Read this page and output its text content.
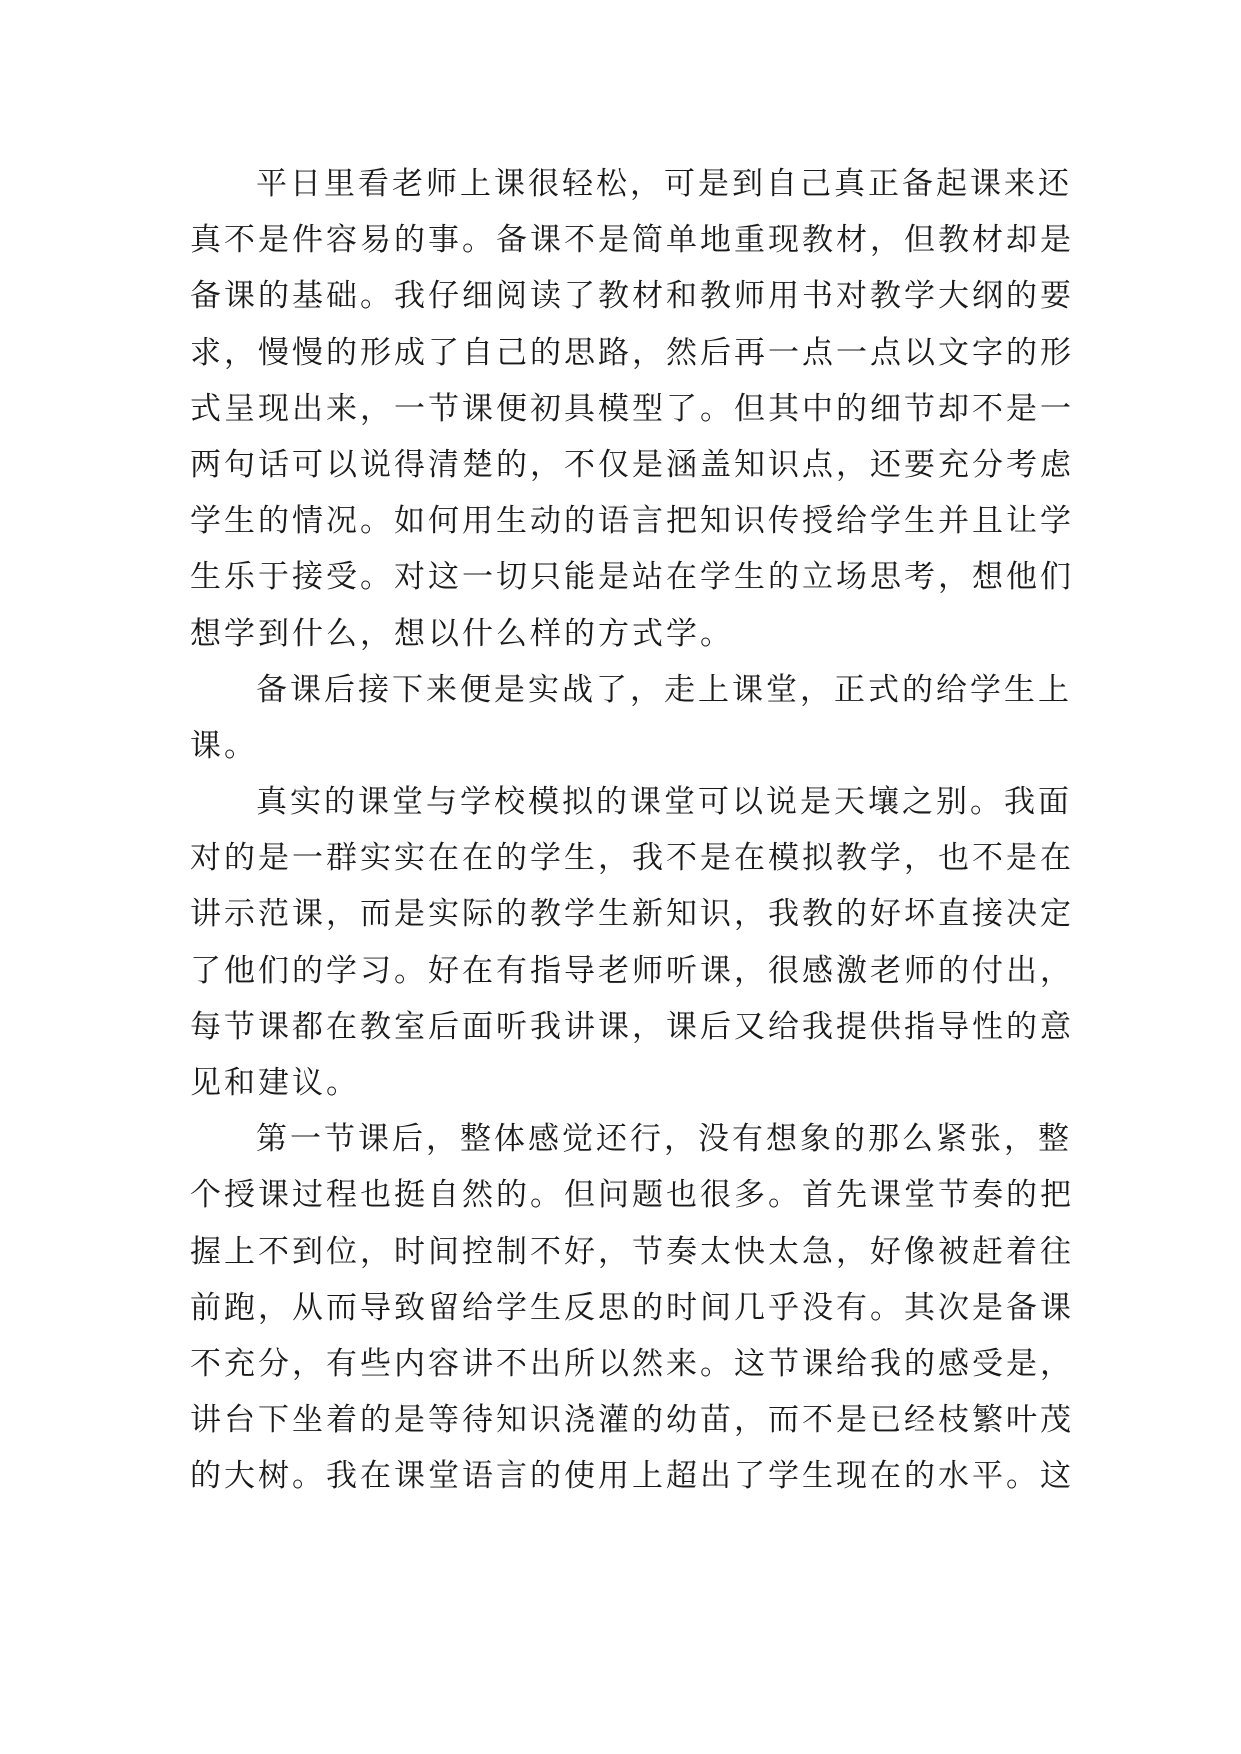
平日里看老师上课很轻松，可是到自己真正备起课来还
真不是件容易的事。备课不是简单地重现教材，但教材却是
备课的基础。我仔细阅读了教材和教师用书对教学大纲的要
求，慢慢的形成了自己的思路，然后再一点一点以文字的形
式呈现出来，一节课便初具模型了。但其中的细节却不是一
两句话可以说得清楚的，不仅是涵盖知识点，还要充分考虑
学生的情况。如何用生动的语言把知识传授给学生并且让学
生乐于接受。对这一切只能是站在学生的立场思考，想他们
想学到什么，想以什么样的方式学。
备课后接下来便是实战了，走上课堂，正式的给学生上
课。
真实的课堂与学校模拟的课堂可以说是天壤之别。我面
对的是一群实实在在的学生，我不是在模拟教学，也不是在
讲示范课，而是实际的教学生新知识，我教的好坏直接决定
了他们的学习。好在有指导老师听课，很感激老师的付出，
每节课都在教室后面听我讲课，课后又给我提供指导性的意
见和建议。
第一节课后，整体感觉还行，没有想象的那么紧张，整
个授课过程也挺自然的。但问题也很多。首先课堂节奏的把
握上不到位，时间控制不好，节奏太快太急，好像被赶着往
前跑，从而导致留给学生反思的时间几乎没有。其次是备课
不充分，有些内容讲不出所以然来。这节课给我的感受是，
讲台下坐着的是等待知识浇灌的幼苗，而不是已经枝繁叶茂
的大树。我在课堂语言的使用上超出了学生现在的水平。这
